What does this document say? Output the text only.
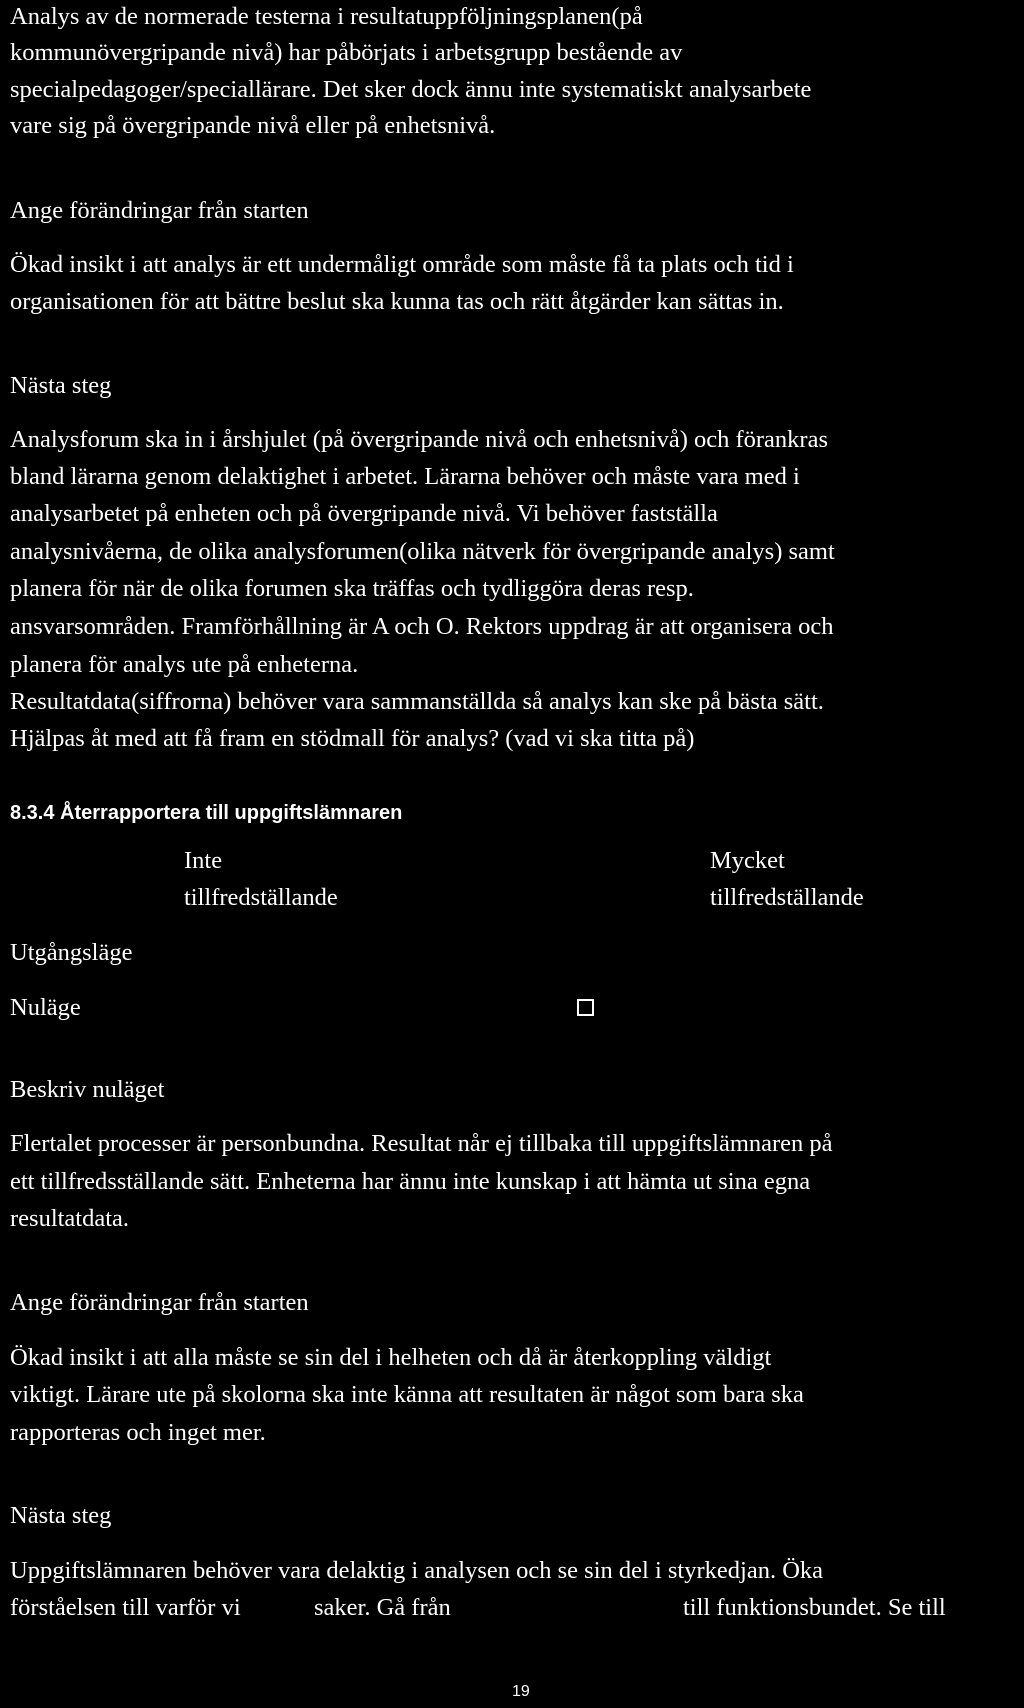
Analys av de normerade testerna i resultatuppföljningsplanen(på

kommunövergripande nivå) har påbörjats i arbetsgrupp bestående av

specialpedagoger/speciallärare. Det sker dock ännu inte systematiskt analysarbete

vare sig på övergripande nivå eller på enhetsnivå.

Ange förändringar från starten

Ökad insikt i att analys är ett undermåligt område som måste få ta plats och tid i

organisationen för att bättre beslut ska kunna tas och rätt åtgärder kan sättas in.

Nästa steg

Analysforum ska in i årshjulet (på övergripande nivå och enhetsnivå) och förankras

bland lärarna genom delaktighet i arbetet. Lärarna behöver och måste vara med i

analysarbetet på enheten och på övergripande nivå. Vi behöver fastställa

analysnivåerna, de olika analysforumen(olika nätverk för övergripande analys) samt

planera för när de olika forumen ska träffas och tydliggöra deras resp.

ansvarsområden. Framförhållning är A och O. Rektors uppdrag är att organisera och

planera för analys ute på enheterna.

Resultatdata(siffrorna) behöver vara sammanställda så analys kan ske på bästa sätt.

Hjälpas åt med att få fram en stödmall för analys? (vad vi ska titta på)

8.3.4 Återrapportera till uppgiftslämnaren

Inte

tillfredställande

Mycket

tillfredställande

Utgångsläge

Nuläge

Beskriv nuläget

Flertalet processer är personbundna. Resultat når ej tillbaka till uppgiftslämnaren på

ett tillfredsställande sätt. Enheterna har ännu inte kunskap i att hämta ut sina egna

resultatdata.

Ange förändringar från starten

Ökad insikt i att alla måste se sin del i helheten och då är återkoppling väldigt

viktigt. Lärare ute på skolorna ska inte känna att resultaten är något som bara ska

rapporteras och inget mer.

Nästa steg

Uppgiftslämnaren behöver vara delaktig i analysen och se sin del i styrkedjan. Öka

förståelsen till varför vi	saker. Gå från	till funktionsbundet. Se till
19
